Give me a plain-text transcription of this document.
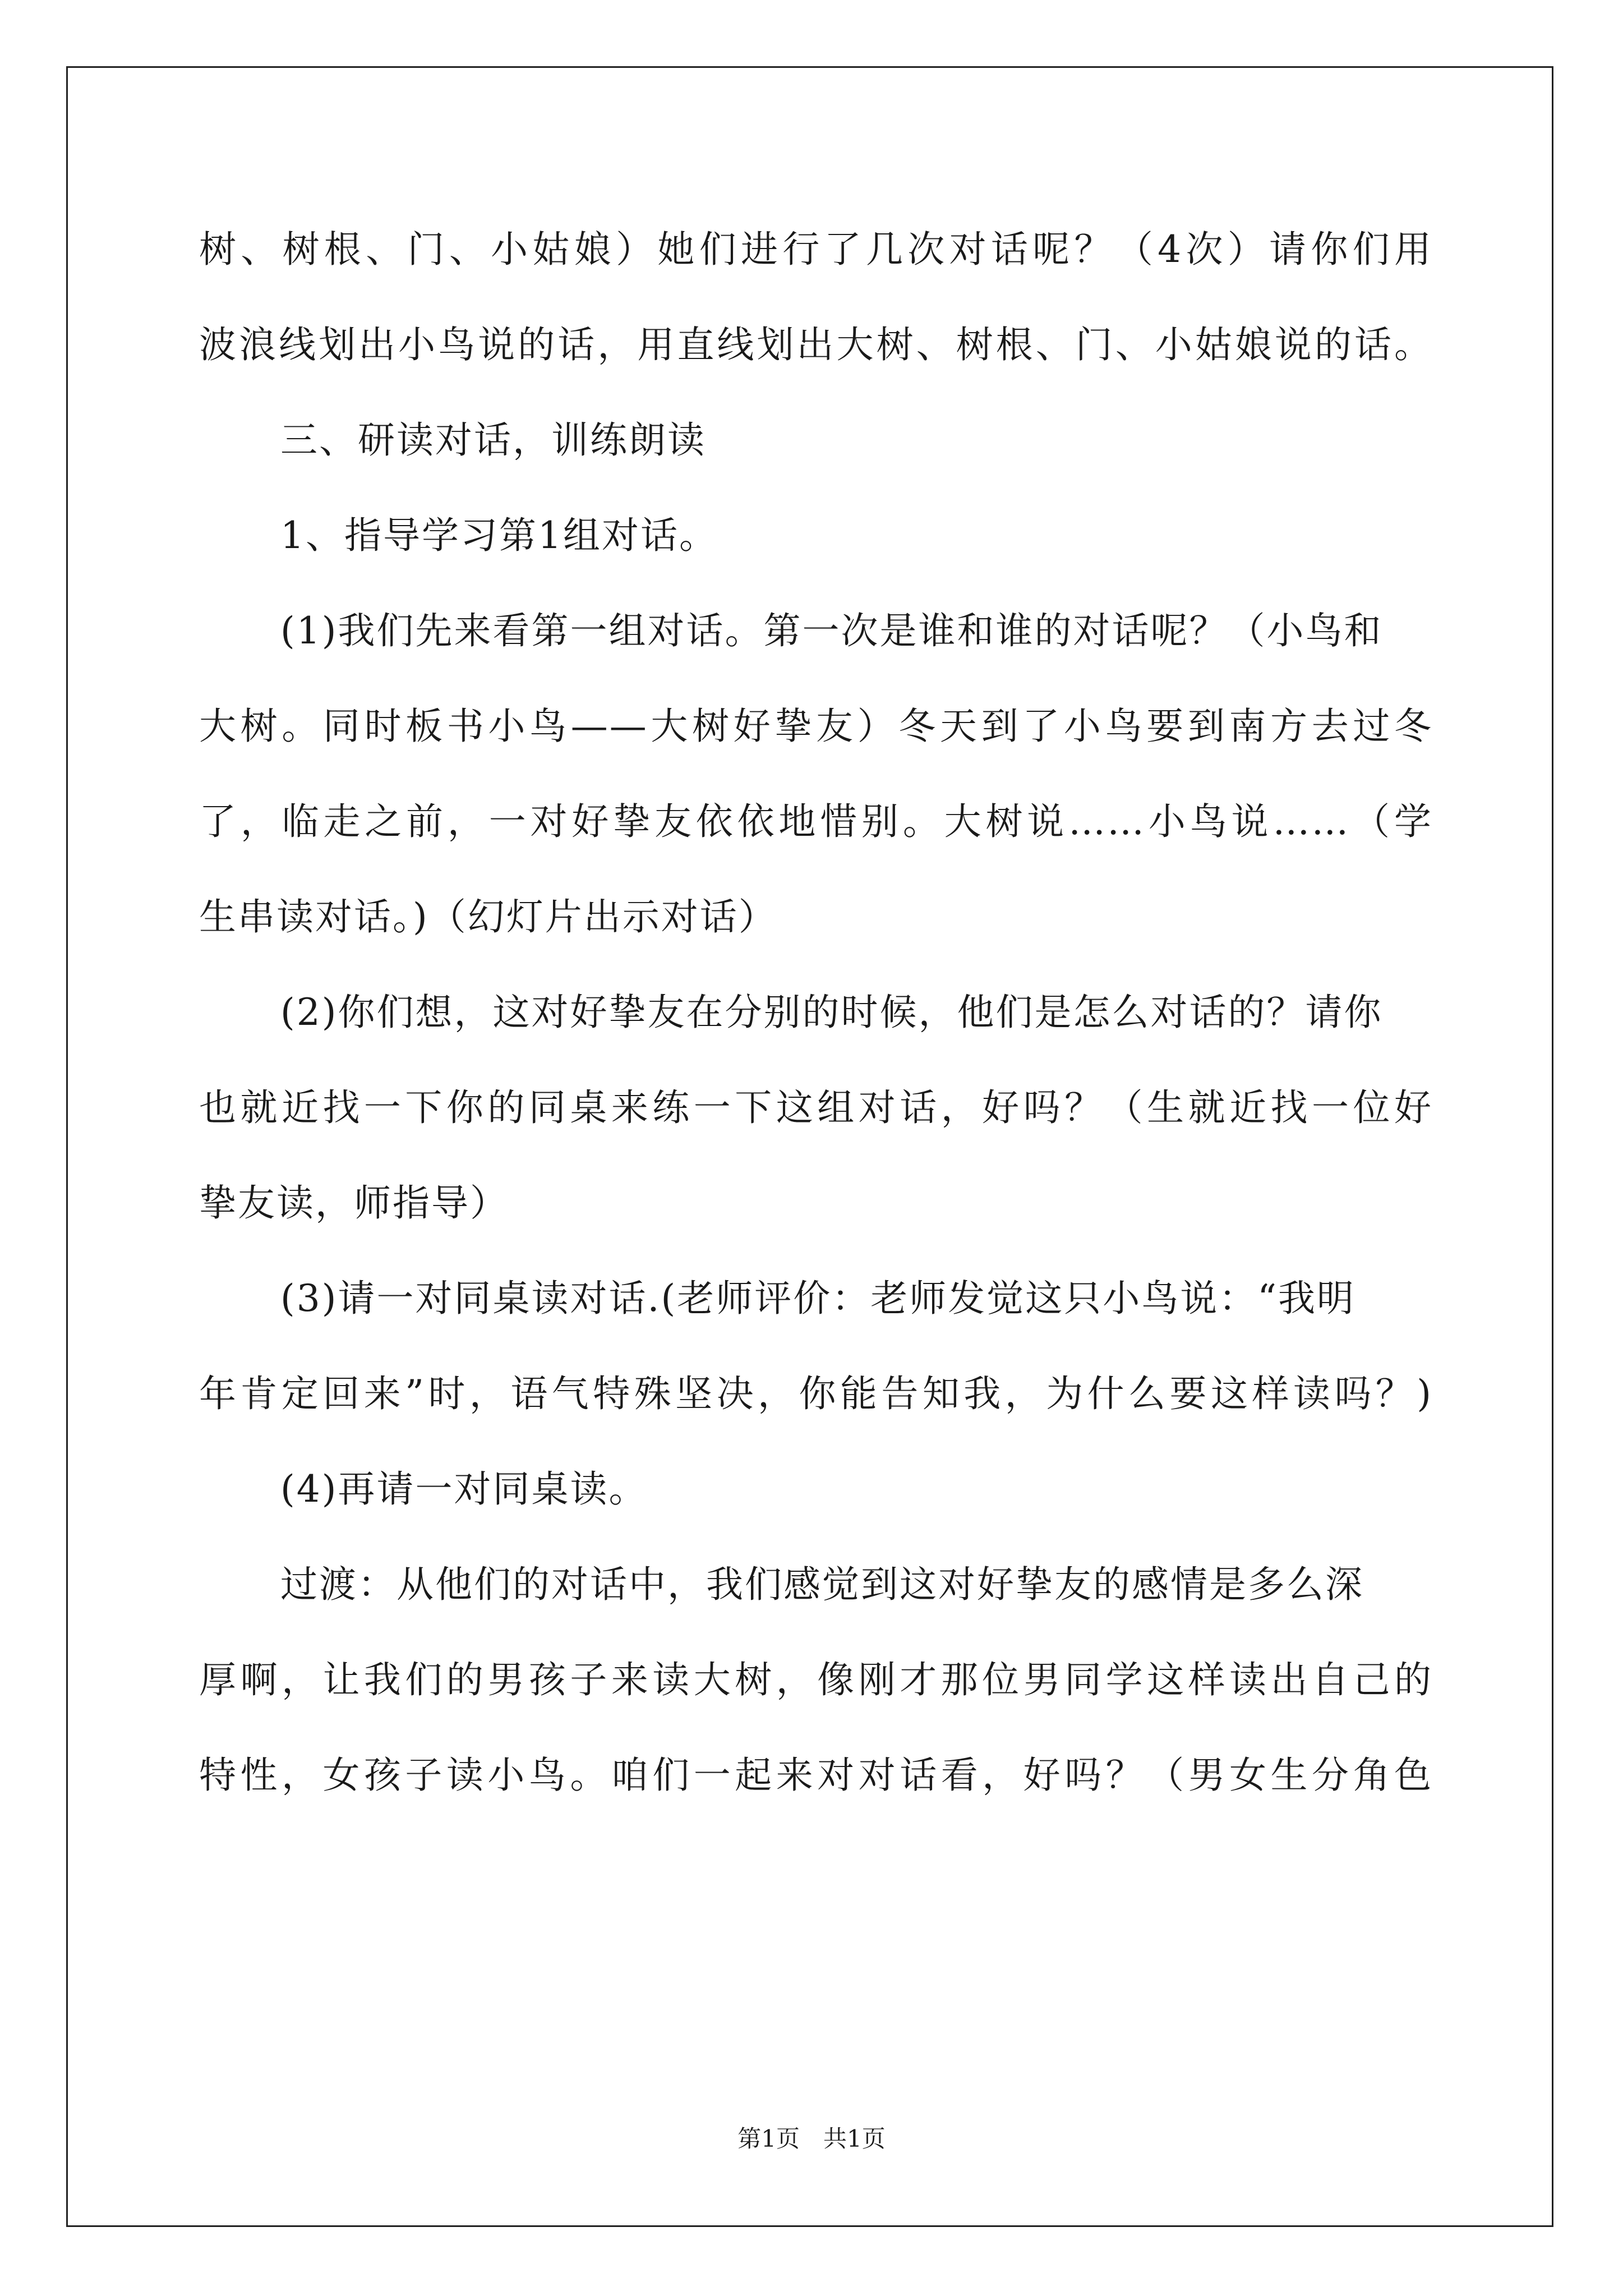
树、树根、门、小姑娘）她们进行了几次对话呢？（4次）请你们用
波浪线划出小鸟说的话，用直线划出大树、树根、门、小姑娘说的话。
三、研读对话，训练朗读
1、指导学习第1组对话。
(1)我们先来看第一组对话。第一次是谁和谁的对话呢？（小鸟和
大树。同时板书小鸟——大树好挚友）冬天到了小鸟要到南方去过冬
了，临走之前，一对好挚友依依地惜别。大树说……小鸟说……（学
生串读对话。)（幻灯片出示对话）
(2)你们想，这对好挚友在分别的时候，他们是怎么对话的？请你
也就近找一下你的同桌来练一下这组对话，好吗？（生就近找一位好
挚友读，师指导）
(3)请一对同桌读对话.(老师评价：老师发觉这只小鸟说：“我明
年肯定回来”时，语气特殊坚决，你能告知我，为什么要这样读吗？)
(4)再请一对同桌读。
过渡：从他们的对话中，我们感觉到这对好挚友的感情是多么深
厚啊，让我们的男孩子来读大树，像刚才那位男同学这样读出自己的
特性，女孩子读小鸟。咱们一起来对对话看，好吗？（男女生分角色
第1页　共1页
